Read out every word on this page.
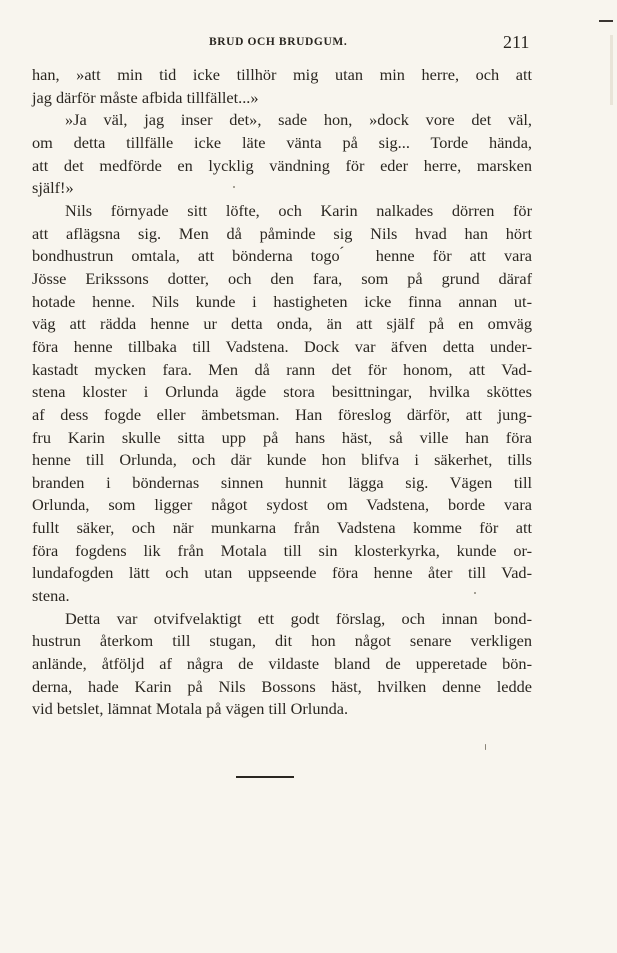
BRUD OCH BRUDGUM.	211
han, »att min tid icke tillhör mig utan min herre, och att
jag därför måste afbida tillfället...»
»Ja väl, jag inser det», sade hon, »dock vore det väl,
om detta tillfälle icke läte vänta på sig... Torde hända,
att det medförde en lycklig vändning för eder herre, marsken
själf!»
Nils förnyade sitt löfte, och Karin nalkades dörren för
att aflägsna sig. Men då påminde sig Nils hvad han hört
bondhustrun omtala, att bönderna togo ́ henne för att vara
Jösse Erikssons dotter, och den fara, som på grund däraf
hotade henne. Nils kunde i hastigheten icke finna annan ut-
väg att rädda henne ur detta onda, än att själf på en omväg
föra henne tillbaka till Vadstena. Dock var äfven detta under-
kastadt mycken fara. Men då rann det för honom, att Vad-
stena kloster i Orlunda ägde stora besittningar, hvilka sköttes
af dess fogde eller ämbetsman. Han föreslog därför, att jung-
fru Karin skulle sitta upp på hans häst, så ville han föra
henne till Orlunda, och där kunde hon blifva i säkerhet, tills
branden i böndernas sinnen hunnit lägga sig. Vägen till
Orlunda, som ligger något sydost om Vadstena, borde vara
fullt säker, och när munkarna från Vadstena komme för att
föra fogdens lik från Motala till sin klosterkyrka, kunde or-
lundafogden lätt och utan uppseende föra henne åter till Vad-
stena.
Detta var otvifvelaktigt ett godt förslag, och innan bond-
hustrun återkom till stugan, dit hon något senare verkligen
anlände, åtföljd af några de vildaste bland de upperetade bön-
derna, hade Karin på Nils Bossons häst, hvilken denne ledde
vid betslet, lämnat Motala på vägen till Orlunda.
